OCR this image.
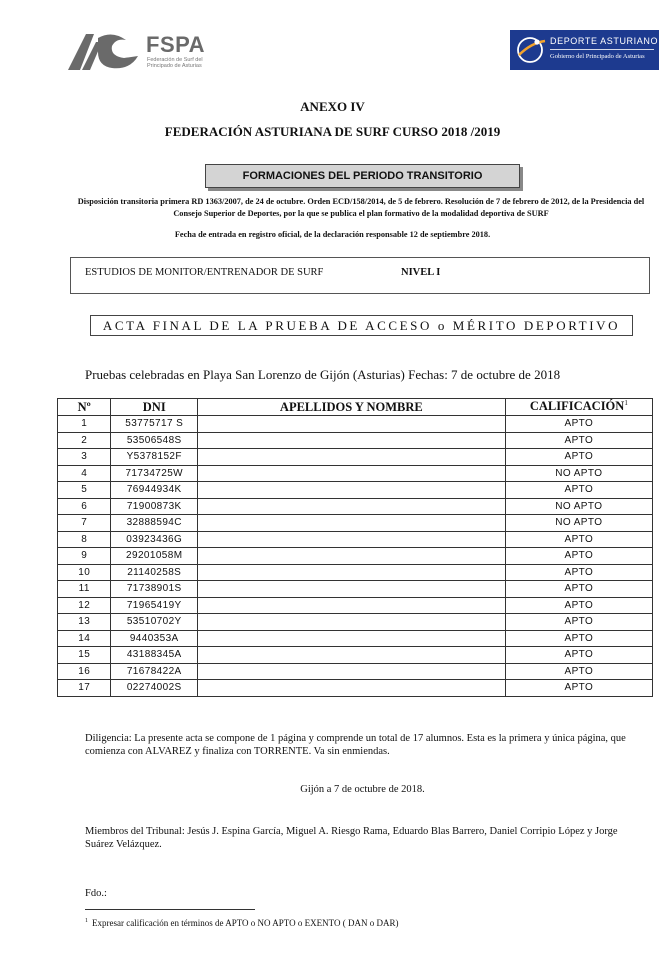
FSPA
Federación de Surf del Principado de Asturias
DEPORTE ASTURIANO
Gobierno del Principado de Asturias
ANEXO IV
FEDERACIÓN ASTURIANA DE SURF CURSO 2018 /2019
FORMACIONES DEL PERIODO TRANSITORIO
Disposición transitoria primera RD 1363/2007, de 24 de octubre. Orden ECD/158/2014, de 5 de febrero. Resolución de 7 de febrero de 2012, de la Presidencia del Consejo Superior de Deportes, por la que se publica el plan formativo de la modalidad deportiva de SURF
Fecha de entrada en registro oficial, de la declaración responsable 12 de septiembre 2018.
ESTUDIOS DE MONITOR/ENTRENADOR DE SURF	NIVEL I
ACTA FINAL DE LA PRUEBA DE ACCESO o MÉRITO DEPORTIVO
Pruebas celebradas en Playa San Lorenzo de Gijón (Asturias) Fechas: 7 de octubre de 2018
Nº	DNI	APELLIDOS Y NOMBRE	CALIFICACIÓN$^1$
1	53775717 S		APTO
2	53506548S		APTO
3	Y5378152F		APTO
4	71734725W		NO APTO
5	76944934K		APTO
6	71900873K		NO APTO
7	32888594C		NO APTO
8	03923436G		APTO
9	29201058M		APTO
10	21140258S		APTO
11	71738901S		APTO
12	71965419Y		APTO
13	53510702Y		APTO
14	9440353A		APTO
15	43188345A		APTO
16	71678422A		APTO
17	02274002S		APTO
Diligencia: La presente acta se compone de 1 página y comprende un total de 17 alumnos. Esta es la primera y única página, que comienza con ALVAREZ y finaliza con TORRENTE. Va sin enmiendas.
Gijón a 7 de octubre de 2018.
Miembros del Tribunal: Jesús J. Espina García, Miguel A. Riesgo Rama, Eduardo Blas Barrero, Daniel Corripio López y Jorge Suárez Velázquez.
Fdo.:
$^1$ Expresar calificación en términos de APTO o NO APTO o EXENTO ( DAN o DAR)
